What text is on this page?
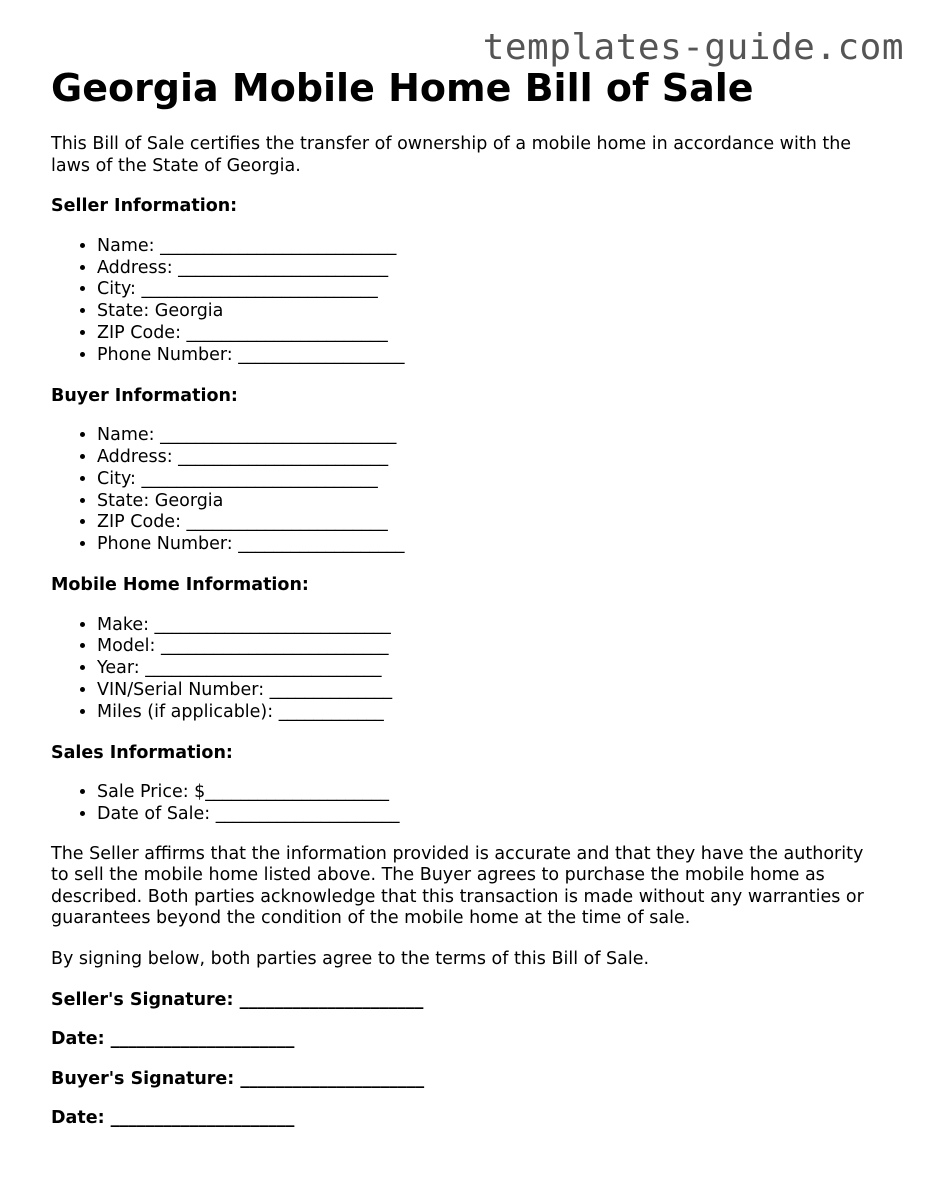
templates-guide.com
Georgia Mobile Home Bill of Sale

This Bill of Sale certifies the transfer of ownership of a mobile home in accordance with the laws of the State of Georgia.

Seller Information:
• Name: ___________________________
• Address: ________________________
• City: ___________________________
• State: Georgia
• ZIP Code: _______________________
• Phone Number: ___________________
Buyer Information:
• Name: ___________________________
• Address: ________________________
• City: ___________________________
• State: Georgia
• ZIP Code: _______________________
• Phone Number: ___________________
Mobile Home Information:
• Make: ___________________________
• Model: __________________________
• Year: ___________________________
• VIN/Serial Number: ______________
• Miles (if applicable): ____________
Sales Information:
• Sale Price: $_____________________
• Date of Sale: _____________________

The Seller affirms that the information provided is accurate and that they have the authority to sell the mobile home listed above. The Buyer agrees to purchase the mobile home as described. Both parties acknowledge that this transaction is made without any warranties or guarantees beyond the condition of the mobile home at the time of sale.

By signing below, both parties agree to the terms of this Bill of Sale.

Seller's Signature: _____________________
Date: _____________________
Buyer's Signature: _____________________
Date: _____________________
